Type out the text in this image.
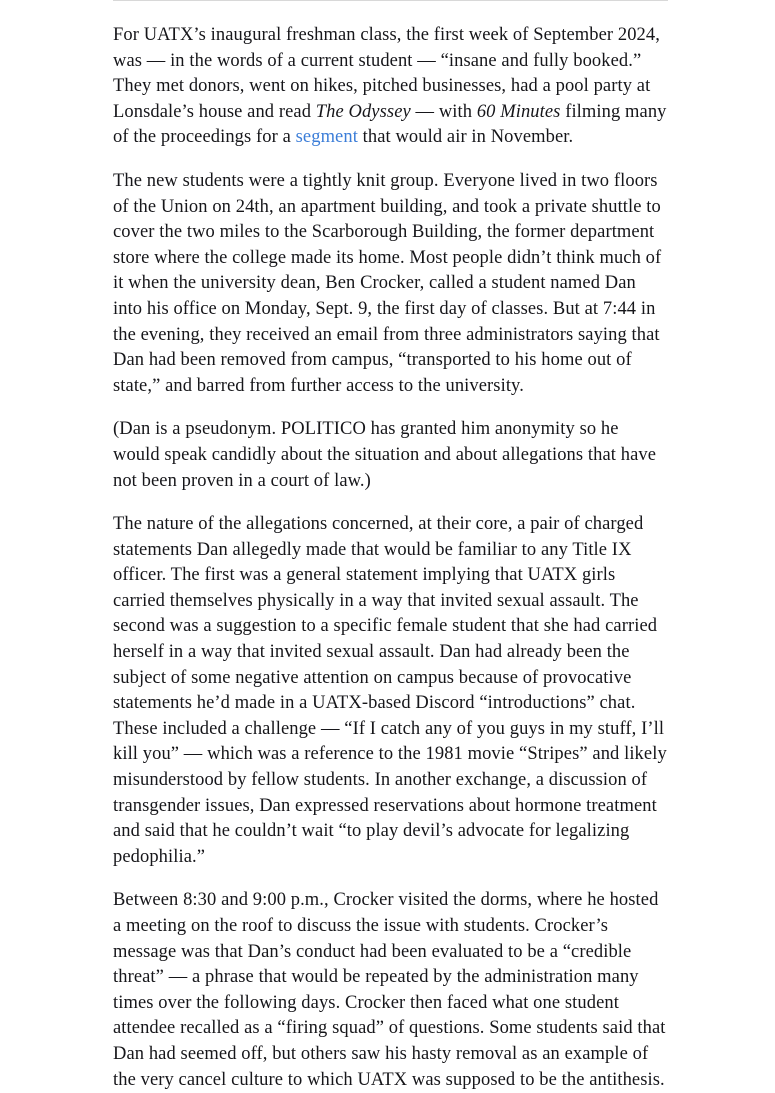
For UATX’s inaugural freshman class, the first week of September 2024, was — in the words of a current student — “insane and fully booked.” They met donors, went on hikes, pitched businesses, had a pool party at Lonsdale’s house and read The Odyssey — with 60 Minutes filming many of the proceedings for a segment that would air in November.

The new students were a tightly knit group. Everyone lived in two floors of the Union on 24th, an apartment building, and took a private shuttle to cover the two miles to the Scarborough Building, the former department store where the college made its home. Most people didn’t think much of it when the university dean, Ben Crocker, called a student named Dan into his office on Monday, Sept. 9, the first day of classes. But at 7:44 in the evening, they received an email from three administrators saying that Dan had been removed from campus, “transported to his home out of state,” and barred from further access to the university.

(Dan is a pseudonym. POLITICO has granted him anonymity so he would speak candidly about the situation and about allegations that have not been proven in a court of law.)

The nature of the allegations concerned, at their core, a pair of charged statements Dan allegedly made that would be familiar to any Title IX officer. The first was a general statement implying that UATX girls carried themselves physically in a way that invited sexual assault. The second was a suggestion to a specific female student that she had carried herself in a way that invited sexual assault. Dan had already been the subject of some negative attention on campus because of provocative statements he’d made in a UATX-based Discord “introductions” chat. These included a challenge — “If I catch any of you guys in my stuff, I’ll kill you” — which was a reference to the 1981 movie “Stripes” and likely misunderstood by fellow students. In another exchange, a discussion of transgender issues, Dan expressed reservations about hormone treatment and said that he couldn’t wait “to play devil’s advocate for legalizing pedophilia.”

Between 8:30 and 9:00 p.m., Crocker visited the dorms, where he hosted a meeting on the roof to discuss the issue with students. Crocker’s message was that Dan’s conduct had been evaluated to be a “credible threat” — a phrase that would be repeated by the administration many times over the following days. Crocker then faced what one student attendee recalled as a “firing squad” of questions. Some students said that Dan had seemed off, but others saw his hasty removal as an example of the very cancel culture to which UATX was supposed to be the antithesis.
